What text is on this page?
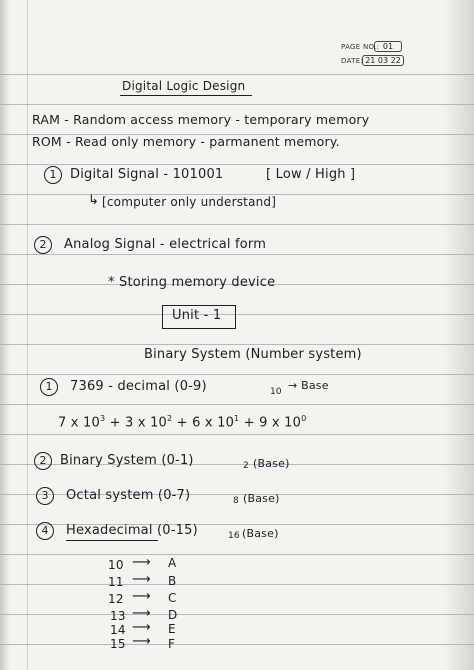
PAGE NO.: 01
DATE: 21 03 22
Digital Logic Design
RAM - Random access memory - temporary memory
ROM - Read only memory - parmanent memory.
1	Digital Signal - 101001	[ Low / High ]
↳ [computer only understand]
2	Analog Signal - electrical form
* Storing memory device
Unit - 1
Binary System (Number system)
1	7369 - decimal (0-9)	10 → Base
7 x $10^3 + 3$ x $10^2 + 6$ x $10^1 + 9$ x $10^0$
2	Binary System (0-1)	2 (Base)
3	Octal system (0-7)	8 (Base)
4	Hexadecimal (0-15)	16 (Base)
10 ⟶ A
11 ⟶ B
12 ⟶ C
13 ⟶ D
14 ⟶ E
15 ⟶ F
